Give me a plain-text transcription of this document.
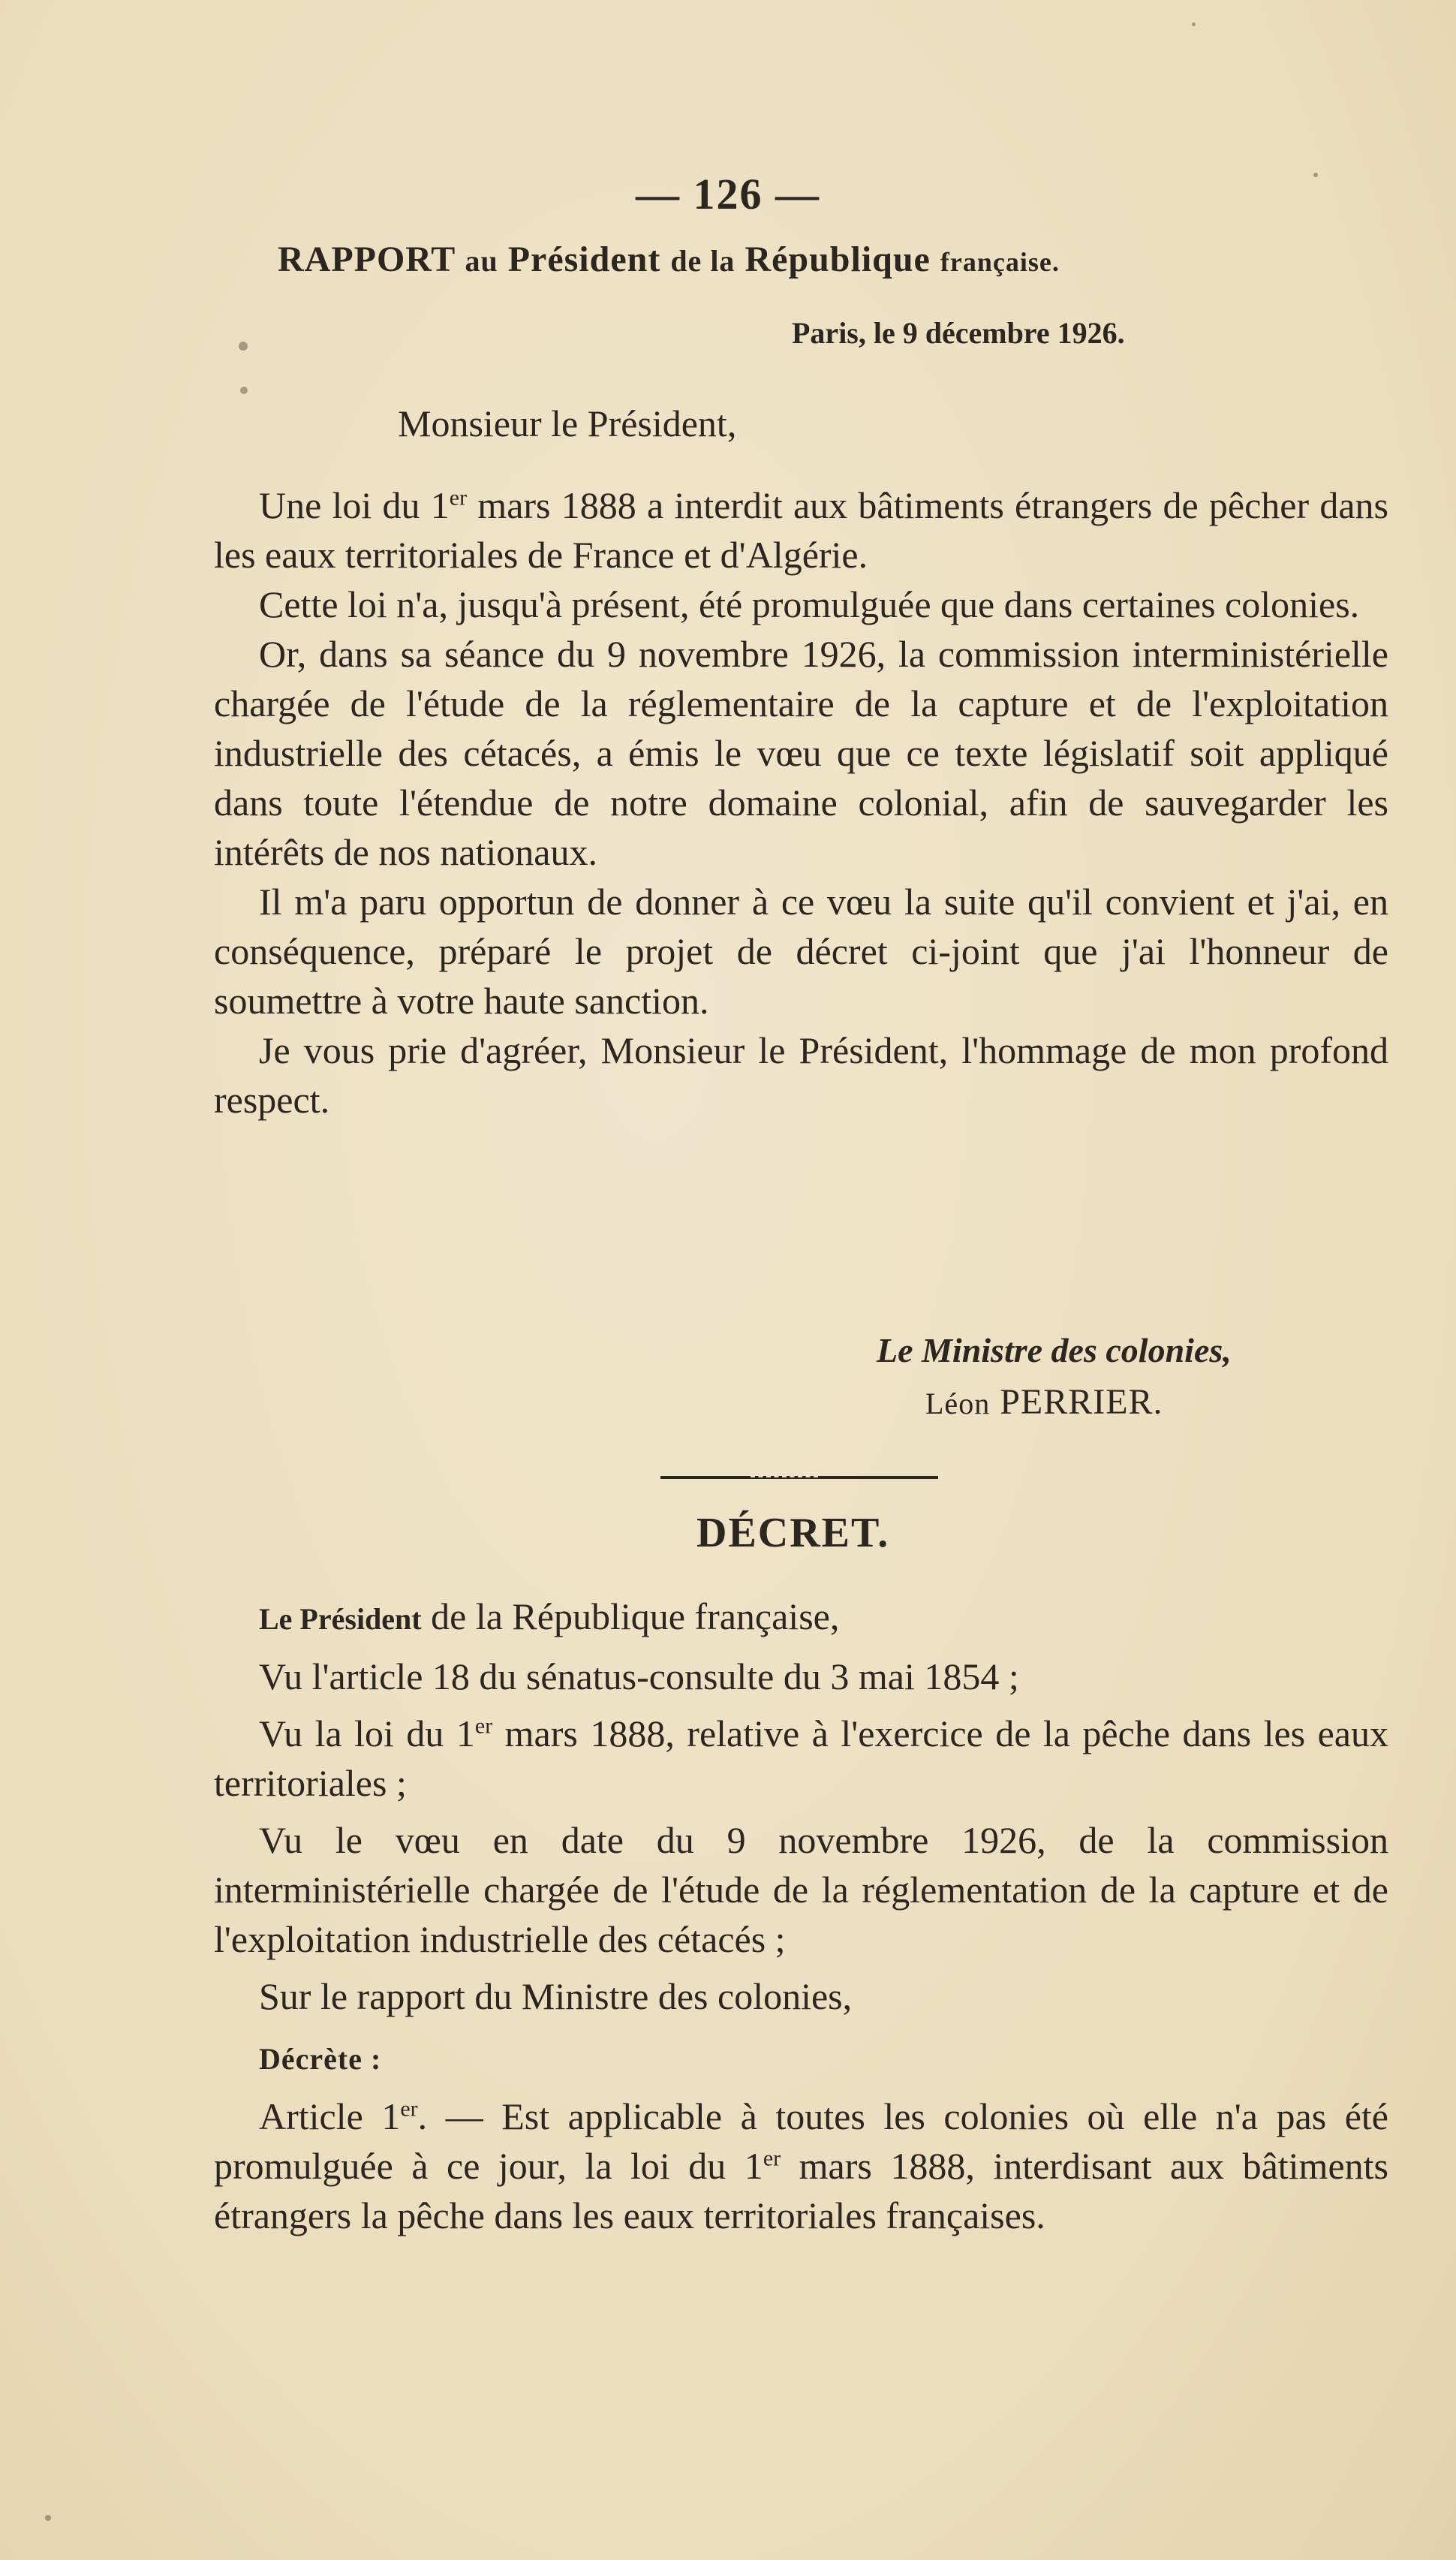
— 126 —
RAPPORT au Président de la République française.
Paris, le 9 décembre 1926.
Monsieur le Président,

Une loi du 1er mars 1888 a interdit aux bâtiments étrangers de pêcher dans les eaux territoriales de France et d'Algérie.

Cette loi n'a, jusqu'à présent, été promulguée que dans certaines colonies.

Or, dans sa séance du 9 novembre 1926, la commission interministérielle chargée de l'étude de la réglementaire de la capture et de l'exploitation industrielle des cétacés, a émis le vœu que ce texte législatif soit appliqué dans toute l'étendue de notre domaine colonial, afin de sauvegarder les intérêts de nos nationaux.

Il m'a paru opportun de donner à ce vœu la suite qu'il convient et j'ai, en conséquence, préparé le projet de décret ci-joint que j'ai l'honneur de soumettre à votre haute sanction.

Je vous prie d'agréer, Monsieur le Président, l'hommage de mon profond respect.

Le Ministre des colonies,
Léon PERRIER.
DÉCRET.

Le Président de la République française,

Vu l'article 18 du sénatus-consulte du 3 mai 1854 ;

Vu la loi du 1er mars 1888, relative à l'exercice de la pêche dans les eaux territoriales ;

Vu le vœu en date du 9 novembre 1926, de la commission interministérielle chargée de l'étude de la réglementation de la capture et de l'exploitation industrielle des cétacés ;

Sur le rapport du Ministre des colonies,

Décrète :

Article 1er. — Est applicable à toutes les colonies où elle n'a pas été promulguée à ce jour, la loi du 1er mars 1888, interdisant aux bâtiments étrangers la pêche dans les eaux territoriales françaises.
